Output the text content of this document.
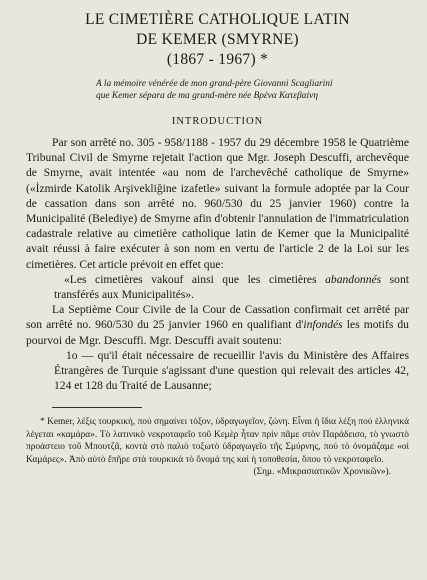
LE CIMETIÈRE CATHOLIQUE LATIN
DE KEMER (SMYRNE)
(1867 - 1967) *
A la mémoire vénérée de mon grand-père Giovanni Scagliarini
que Kemer sépara de ma grand-mère née Βρένα Κατεβαίνη
INTRODUCTION

Par son arrêté no. 305 - 958/1188 - 1957 du 29 décembre 1958 le Quatrième Tribunal Civil de Smyrne rejetait l'action que Mgr. Joseph Descuffi, archevêque de Smyrne, avait intentée «au nom de l'archevêché catholique de Smyrne» («İzmirde Katolik Arşivekliğine izafetle» suivant la formule adoptée par la Cour de cassation dans son arrêté no. 960/530 du 25 janvier 1960) contre la Municipalité (Belediye) de Smyrne afin d'obtenir l'annulation de l'immatriculation cadastrale relative au cimetière catholique latin de Kemer que la Municipalité avait réussi à faire exécuter à son nom en vertu de l'article 2 de la Loi sur les cimetières. Cet article prévoit en effet que:

«Les cimetières vakouf ainsi que les cimetières abandonnés sont transférés aux Municipalités».

La Septième Cour Civile de la Cour de Cassation confirmait cet arrêté par son arrêté no. 960/530 du 25 janvier 1960 en qualifiant d'infondés les motifs du pourvoi de Mgr. Descuffi. Mgr. Descuffi avait soutenu:

1o — qu'il était nécessaire de recueillir l'avis du Ministère des Affaires Étrangères de Turquie s'agissant d'une question qui relevait des articles 42, 124 et 128 du Traité de Lausanne;

* Kemer, λέξις τουρκική, πού σημαίνει τόξον, ὑδραγωγεῖον, ζώνη. Εἶναι ἡ ἴδια λέξη πού ἑλληνικά λέγεται «καμάρα». Τὸ λατινικὸ νεκροταφεῖο τοῦ Κεμὲρ ἦταν πρὶν πᾶμε στὸν Παράδεισο, τὸ γνωστὸ προάστειο τοῦ Μπουτζᾶ, κοντὰ στὸ παλιὸ τοξωτὸ ὑδραγωγεῖο τῆς Σμύρνης, πού τὸ ὀνομάζαμε «οἱ Καμάρες». Ἀπὸ αὐτὸ ἔπῆρε στὰ τουρκικὰ τὸ ὄνομά της καὶ ἡ τοποθεσία, ὅπου τὸ νεκροταφεῖο.

(Σημ. «Μικρασιατικῶν Χρονικῶν»).
